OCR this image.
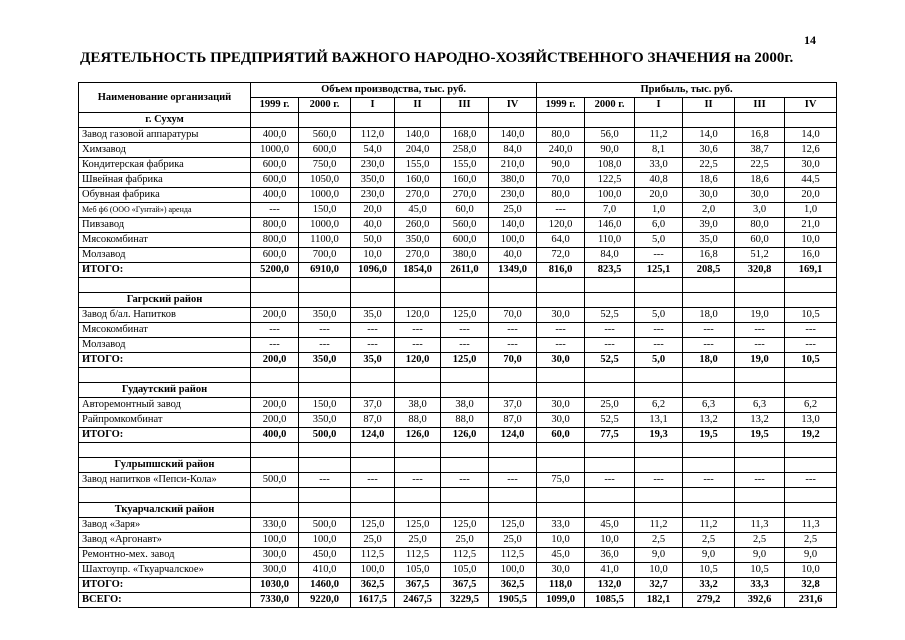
14
ДЕЯТЕЛЬНОСТЬ ПРЕДПРИЯТИЙ ВАЖНОГО НАРОДНО-ХОЗЯЙСТВЕННОГО ЗНАЧЕНИЯ на 2000г.
Наименование организаций	Объем производства, тыс. руб.						Прибыль, тыс. руб.					
	1999 г.	2000 г.	I	II	III	IV	1999 г.	2000 г.	I	II	III	IV
г. Сухум												
Завод газовой аппаратуры	400,0	560,0	112,0	140,0	168,0	140,0	80,0	56,0	11,2	14,0	16,8	14,0
Химзавод	1000,0	600,0	54,0	204,0	258,0	84,0	240,0	90,0	8,1	30,6	38,7	12,6
Кондитерская фабрика	600,0	750,0	230,0	155,0	155,0	210,0	90,0	108,0	33,0	22,5	22,5	30,0
Швейная фабрика	600,0	1050,0	350,0	160,0	160,0	380,0	70,0	122,5	40,8	18,6	18,6	44,5
Обувная фабрика	400,0	1000,0	230,0	270,0	270,0	230,0	80,0	100,0	20,0	30,0	30,0	20,0
Меб ф6 (ООО «Гунтай») аренда	---	150,0	20,0	45,0	60,0	25,0	---	7,0	1,0	2,0	3,0	1,0
Пивзавод	800,0	1000,0	40,0	260,0	560,0	140,0	120,0	146,0	6,0	39,0	80,0	21,0
Мясокомбинат	800,0	1100,0	50,0	350,0	600,0	100,0	64,0	110,0	5,0	35,0	60,0	10,0
Молзавод	600,0	700,0	10,0	270,0	380,0	40,0	72,0	84,0	---	16,8	51,2	16,0
ИТОГО:	5200,0	6910,0	1096,0	1854,0	2611,0	1349,0	816,0	823,5	125,1	208,5	320,8	169,1

Гагрский район												
Завод б/ал. Напитков	200,0	350,0	35,0	120,0	125,0	70,0	30,0	52,5	5,0	18,0	19,0	10,5
Мясокомбинат	---	---	---	---	---	---	---	---	---	---	---	---
Молзавод	---	---	---	---	---	---	---	---	---	---	---	---
ИТОГО:	200,0	350,0	35,0	120,0	125,0	70,0	30,0	52,5	5,0	18,0	19,0	10,5

Гудаутский район												
Авторемонтный завод	200,0	150,0	37,0	38,0	38,0	37,0	30,0	25,0	6,2	6,3	6,3	6,2
Райпромкомбинат	200,0	350,0	87,0	88,0	88,0	87,0	30,0	52,5	13,1	13,2	13,2	13,0
ИТОГО:	400,0	500,0	124,0	126,0	126,0	124,0	60,0	77,5	19,3	19,5	19,5	19,2

Гулрыпшский район												
Завод напитков «Пепси-Кола»	500,0	---	---	---	---	---	75,0	---	---	---	---	---

Ткуарчалский район												
Завод «Заря»	330,0	500,0	125,0	125,0	125,0	125,0	33,0	45,0	11,2	11,2	11,3	11,3
Завод «Аргонавт»	100,0	100,0	25,0	25,0	25,0	25,0	10,0	10,0	2,5	2,5	2,5	2,5
Ремонтно-мех. завод	300,0	450,0	112,5	112,5	112,5	112,5	45,0	36,0	9,0	9,0	9,0	9,0
Шахтоупр. «Ткуарчалское»	300,0	410,0	100,0	105,0	105,0	100,0	30,0	41,0	10,0	10,5	10,5	10,0
ИТОГО:	1030,0	1460,0	362,5	367,5	367,5	362,5	118,0	132,0	32,7	33,2	33,3	32,8
ВСЕГО:	7330,0	9220,0	1617,5	2467,5	3229,5	1905,5	1099,0	1085,5	182,1	279,2	392,6	231,6
